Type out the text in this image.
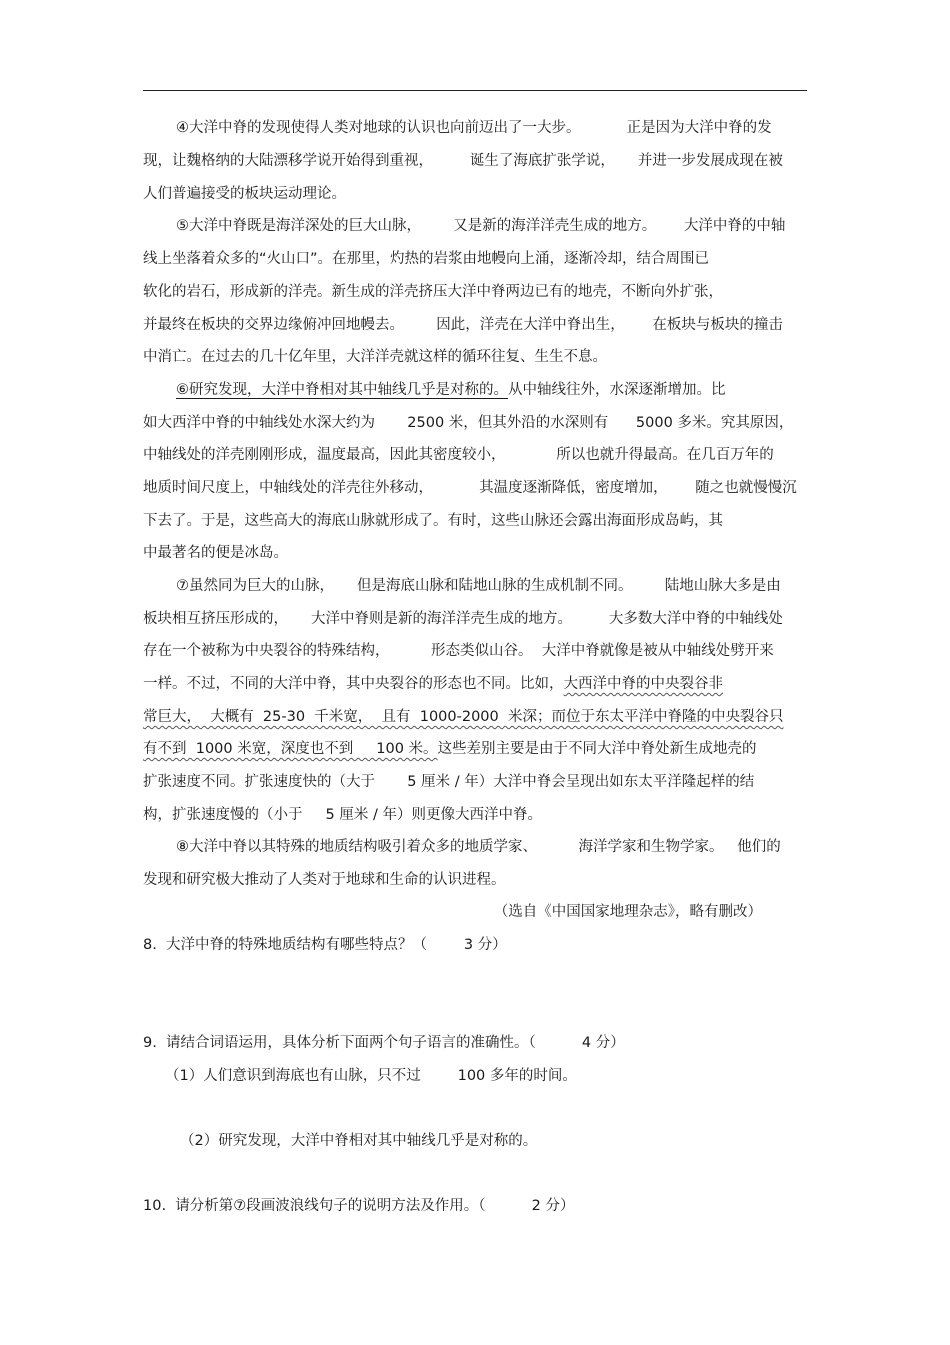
④大洋中脊的发现使得人类对地球的认识也向前迈出了一大步。          正是因为大洋中脊的发
现，让魏格纳的大陆漂移学说开始得到重视，        诞生了海底扩张学说，     并进一步发展成现在被
人们普遍接受的板块运动理论。
⑤大洋中脊既是海洋深处的巨大山脉，       又是新的海洋洋壳生成的地方。      大洋中脊的中轴
线上坐落着众多的“火山口”。在那里，灼热的岩浆由地幔向上涌，逐渐冷却，结合周围已
软化的岩石，形成新的洋壳。新生成的洋壳挤压大洋中脊两边已有的地壳，不断向外扩张，
并最终在板块的交界边缘俯冲回地幔去。       因此，洋壳在大洋中脊出生，      在板块与板块的撞击
中消亡。在过去的几十亿年里，大洋洋壳就这样的循环往复、生生不息。
⑥研究发现，大洋中脊相对其中轴线几乎是对称的。从中轴线往外，水深逐渐增加。比
如大西洋中脊的中轴线处水深大约为       2500 米，但其外沿的水深则有      5000 多米。究其原因，
中轴线处的洋壳刚刚形成，温度最高，因此其密度较小，           所以也就升得最高。在几百万年的
地质时间尺度上，中轴线处的洋壳往外移动，          其温度逐渐降低，密度增加，      随之也就慢慢沉
下去了。于是，这些高大的海底山脉就形成了。有时，这些山脉还会露出海面形成岛屿，其
中最著名的便是冰岛。
⑦虽然同为巨大的山脉，     但是海底山脉和陆地山脉的生成机制不同。       陆地山脉大多是由
板块相互挤压形成的，     大洋中脊则是新的海洋洋壳生成的地方。        大多数大洋中脊的中轴线处
存在一个被称为中央裂谷的特殊结构，         形态类似山谷。  大洋中脊就像是被从中轴线处劈开来
一样。不过，不同的大洋中脊，其中央裂谷的形态也不同。比如，大西洋中脊的中央裂谷非
常巨大，  大概有  25-30  千米宽，  且有  1000-2000  米深；而位于东太平洋中脊隆的中央裂谷只
有不到  1000 米宽，深度也不到     100 米。这些差别主要是由于不同大洋中脊处新生成地壳的
扩张速度不同。扩张速度快的（大于       5 厘米 / 年）大洋中脊会呈现出如东太平洋隆起样的结
构，扩张速度慢的（小于     5 厘米 / 年）则更像大西洋中脊。
⑧大洋中脊以其特殊的地质结构吸引着众多的地质学家、         海洋学家和生物学家。   他们的
发现和研究极大推动了人类对于地球和生命的认识进程。
（选自《中国国家地理杂志》，略有删改）
8.  大洋中脊的特殊地质结构有哪些特点？（        3 分）
9.  请结合词语运用，具体分析下面两个句子语言的准确性。（          4 分）
（1）人们意识到海底也有山脉，只不过        100 多年的时间。
（2）研究发现，大洋中脊相对其中轴线几乎是对称的。
10.  请分析第⑦段画波浪线句子的说明方法及作用。（          2 分）
